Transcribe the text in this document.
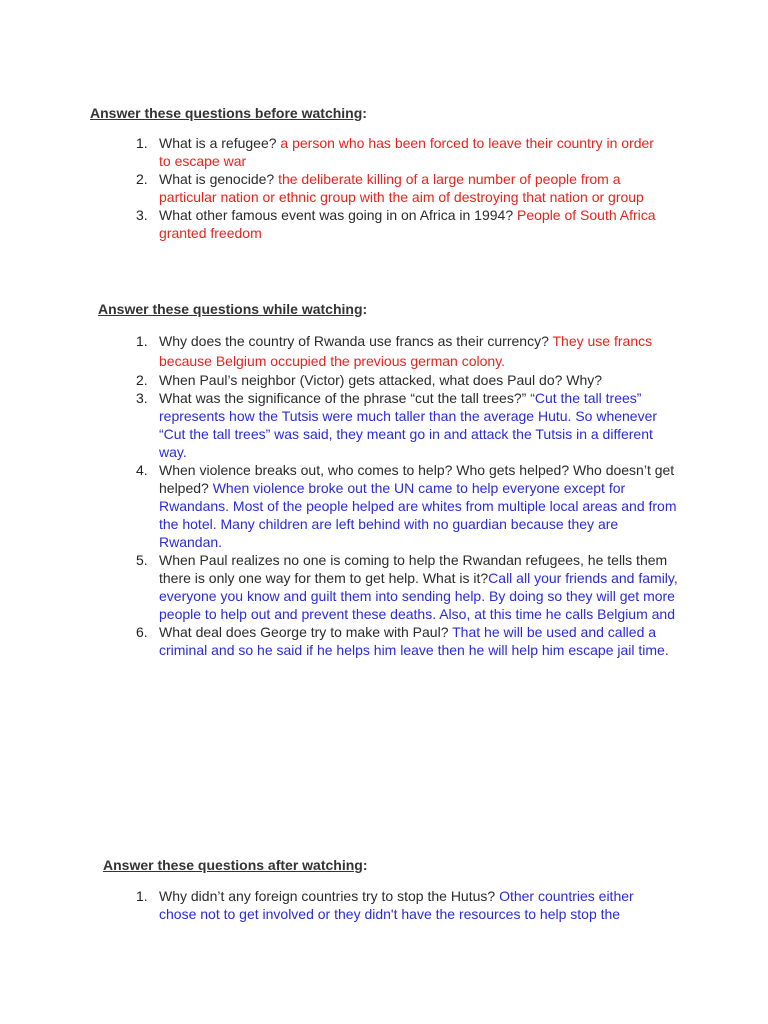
Answer these questions before watching:
1. What is a refugee? a person who has been forced to leave their country in order to escape war
2. What is genocide? the deliberate killing of a large number of people from a particular nation or ethnic group with the aim of destroying that nation or group
3. What other famous event was going in on Africa in 1994? People of South Africa granted freedom
Answer these questions while watching:
1. Why does the country of Rwanda use francs as their currency? They use francs because Belgium occupied the previous german colony.
2. When Paul’s neighbor (Victor) gets attacked, what does Paul do? Why?
3. What was the significance of the phrase “cut the tall trees?” “Cut the tall trees” represents how the Tutsis were much taller than the average Hutu. So whenever “Cut the tall trees” was said, they meant go in and attack the Tutsis in a different way.
4. When violence breaks out, who comes to help? Who gets helped? Who doesn’t get helped? When violence broke out the UN came to help everyone except for Rwandans. Most of the people helped are whites from multiple local areas and from the hotel. Many children are left behind with no guardian because they are Rwandan.
5. When Paul realizes no one is coming to help the Rwandan refugees, he tells them there is only one way for them to get help. What is it?Call all your friends and family, everyone you know and guilt them into sending help. By doing so they will get more people to help out and prevent these deaths. Also, at this time he calls Belgium and
6. What deal does George try to make with Paul? That he will be used and called a criminal and so he said if he helps him leave then he will help him escape jail time.
Answer these questions after watching:
1. Why didn’t any foreign countries try to stop the Hutus? Other countries either chose not to get involved or they didn't have the resources to help stop the
